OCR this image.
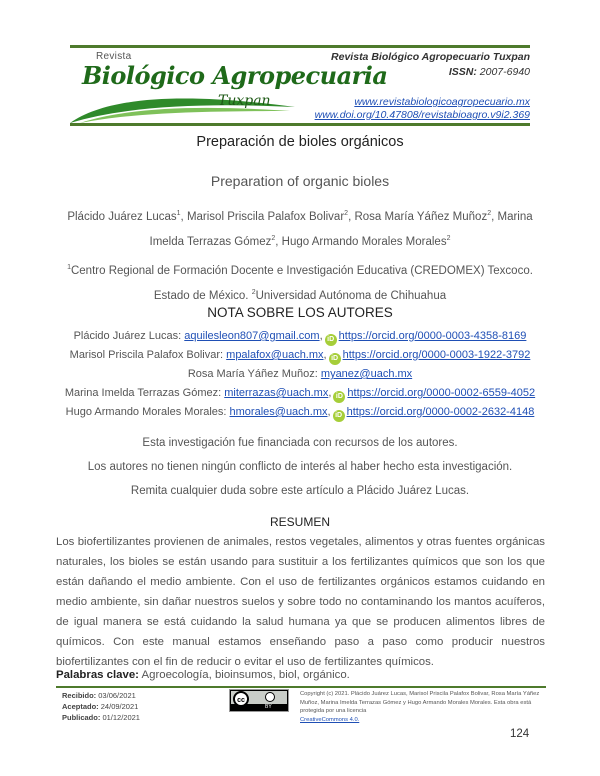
Revista
Biológico Agropecuaria
Tuxpan
Revista Biológico Agropecuario Tuxpan
ISSN: 2007-6940
www.revistabiologicoagropecuario.mx
www.doi.org/10.47808/revistabioagro.v9i2.369
Preparación de bioles orgánicos
Preparation of organic bioles
Plácido Juárez Lucas$^1$, Marisol Priscila Palafox Bolivar$^2$, Rosa María Yáñez Muñoz$^2$, Marina Imelda Terrazas Gómez$^2$, Hugo Armando Morales Morales$^2$
$^1$Centro Regional de Formación Docente e Investigación Educativa (CREDOMEX) Texcoco. Estado de México. $^2$Universidad Autónoma de Chihuahua
NOTA SOBRE LOS AUTORES
Plácido Juárez Lucas: aquilesleon807@gmail.com, iD https://orcid.org/0000-0003-4358-8169
Marisol Priscila Palafox Bolivar: mpalafox@uach.mx, iD https://orcid.org/0000-0003-1922-3792
Rosa María Yáñez Muñoz: myanez@uach.mx
Marina Imelda Terrazas Gómez: miterrazas@uach.mx, iD https://orcid.org/0000-0002-6559-4052
Hugo Armando Morales Morales: hmorales@uach.mx, iD https://orcid.org/0000-0002-2632-4148
Esta investigación fue financiada con recursos de los autores.
Los autores no tienen ningún conflicto de interés al haber hecho esta investigación.
Remita cualquier duda sobre este artículo a Plácido Juárez Lucas.
RESUMEN
Los biofertilizantes provienen de animales, restos vegetales, alimentos y otras fuentes orgánicas naturales, los bioles se están usando para sustituir a los fertilizantes químicos que son los que están dañando el medio ambiente. Con el uso de fertilizantes orgánicos estamos cuidando en medio ambiente, sin dañar nuestros suelos y sobre todo no contaminando los mantos acuíferos, de igual manera se está cuidando la salud humana ya que se producen alimentos libres de químicos. Con este manual estamos enseñando paso a paso como producir nuestros biofertilizantes con el fin de reducir o evitar el uso de fertilizantes químicos.
Palabras clave: Agroecología, bioinsumos, biol, orgánico.
Recibido: 03/06/2021
Aceptado: 24/09/2021
Publicado: 01/12/2021
cc
BY
Copyright (c) 2021. Plácido Juárez Lucas, Marisol Priscila Palafox Bolivar, Rosa María Yáñez Muñoz, Marina Imelda Terrazas Gómez y Hugo Armando Morales Morales. Esta obra está protegida por una licencia
CreativeCommons 4.0.
124
